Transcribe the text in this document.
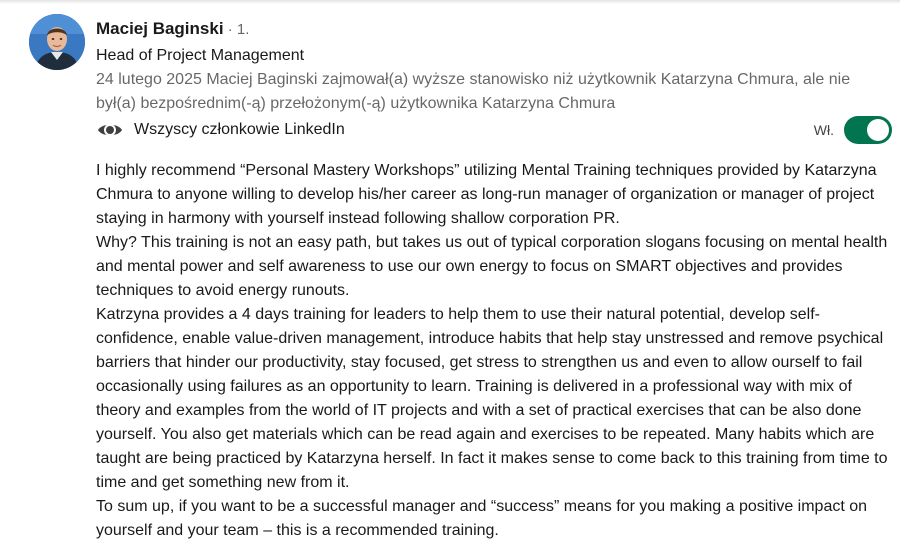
Maciej Baginski · 1.
Head of Project Management
24 lutego 2025 Maciej Baginski zajmował(a) wyższe stanowisko niż użytkownik Katarzyna Chmura, ale nie był(a) bezpośrednim(-ą) przełożonym(-ą) użytkownika Katarzyna Chmura
Wszyscy członkowie LinkedIn	Wł.

I highly recommend “Personal Mastery Workshops” utilizing Mental Training techniques provided by Katarzyna Chmura to anyone willing to develop his/her career as long-run manager of organization or manager of project staying in harmony with yourself instead following shallow corporation PR.

Why? This training is not an easy path, but takes us out of typical corporation slogans focusing on mental health and mental power and self awareness to use our own energy to focus on SMART objectives and provides techniques to avoid energy runouts.

Katrzyna provides a 4 days training for leaders to help them to use their natural potential, develop self-confidence, enable value-driven management, introduce habits that help stay unstressed and remove psychical barriers that hinder our productivity, stay focused, get stress to strengthen us and even to allow ourself to fail occasionally using failures as an opportunity to learn. Training is delivered in a professional way with mix of theory and examples from the world of IT projects and with a set of practical exercises that can be also done yourself. You also get materials which can be read again and exercises to be repeated. Many habits which are taught are being practiced by Katarzyna herself. In fact it makes sense to come back to this training from time to time and get something new from it.

To sum up, if you want to be a successful manager and “success” means for you making a positive impact on yourself and your team – this is a recommended training.
